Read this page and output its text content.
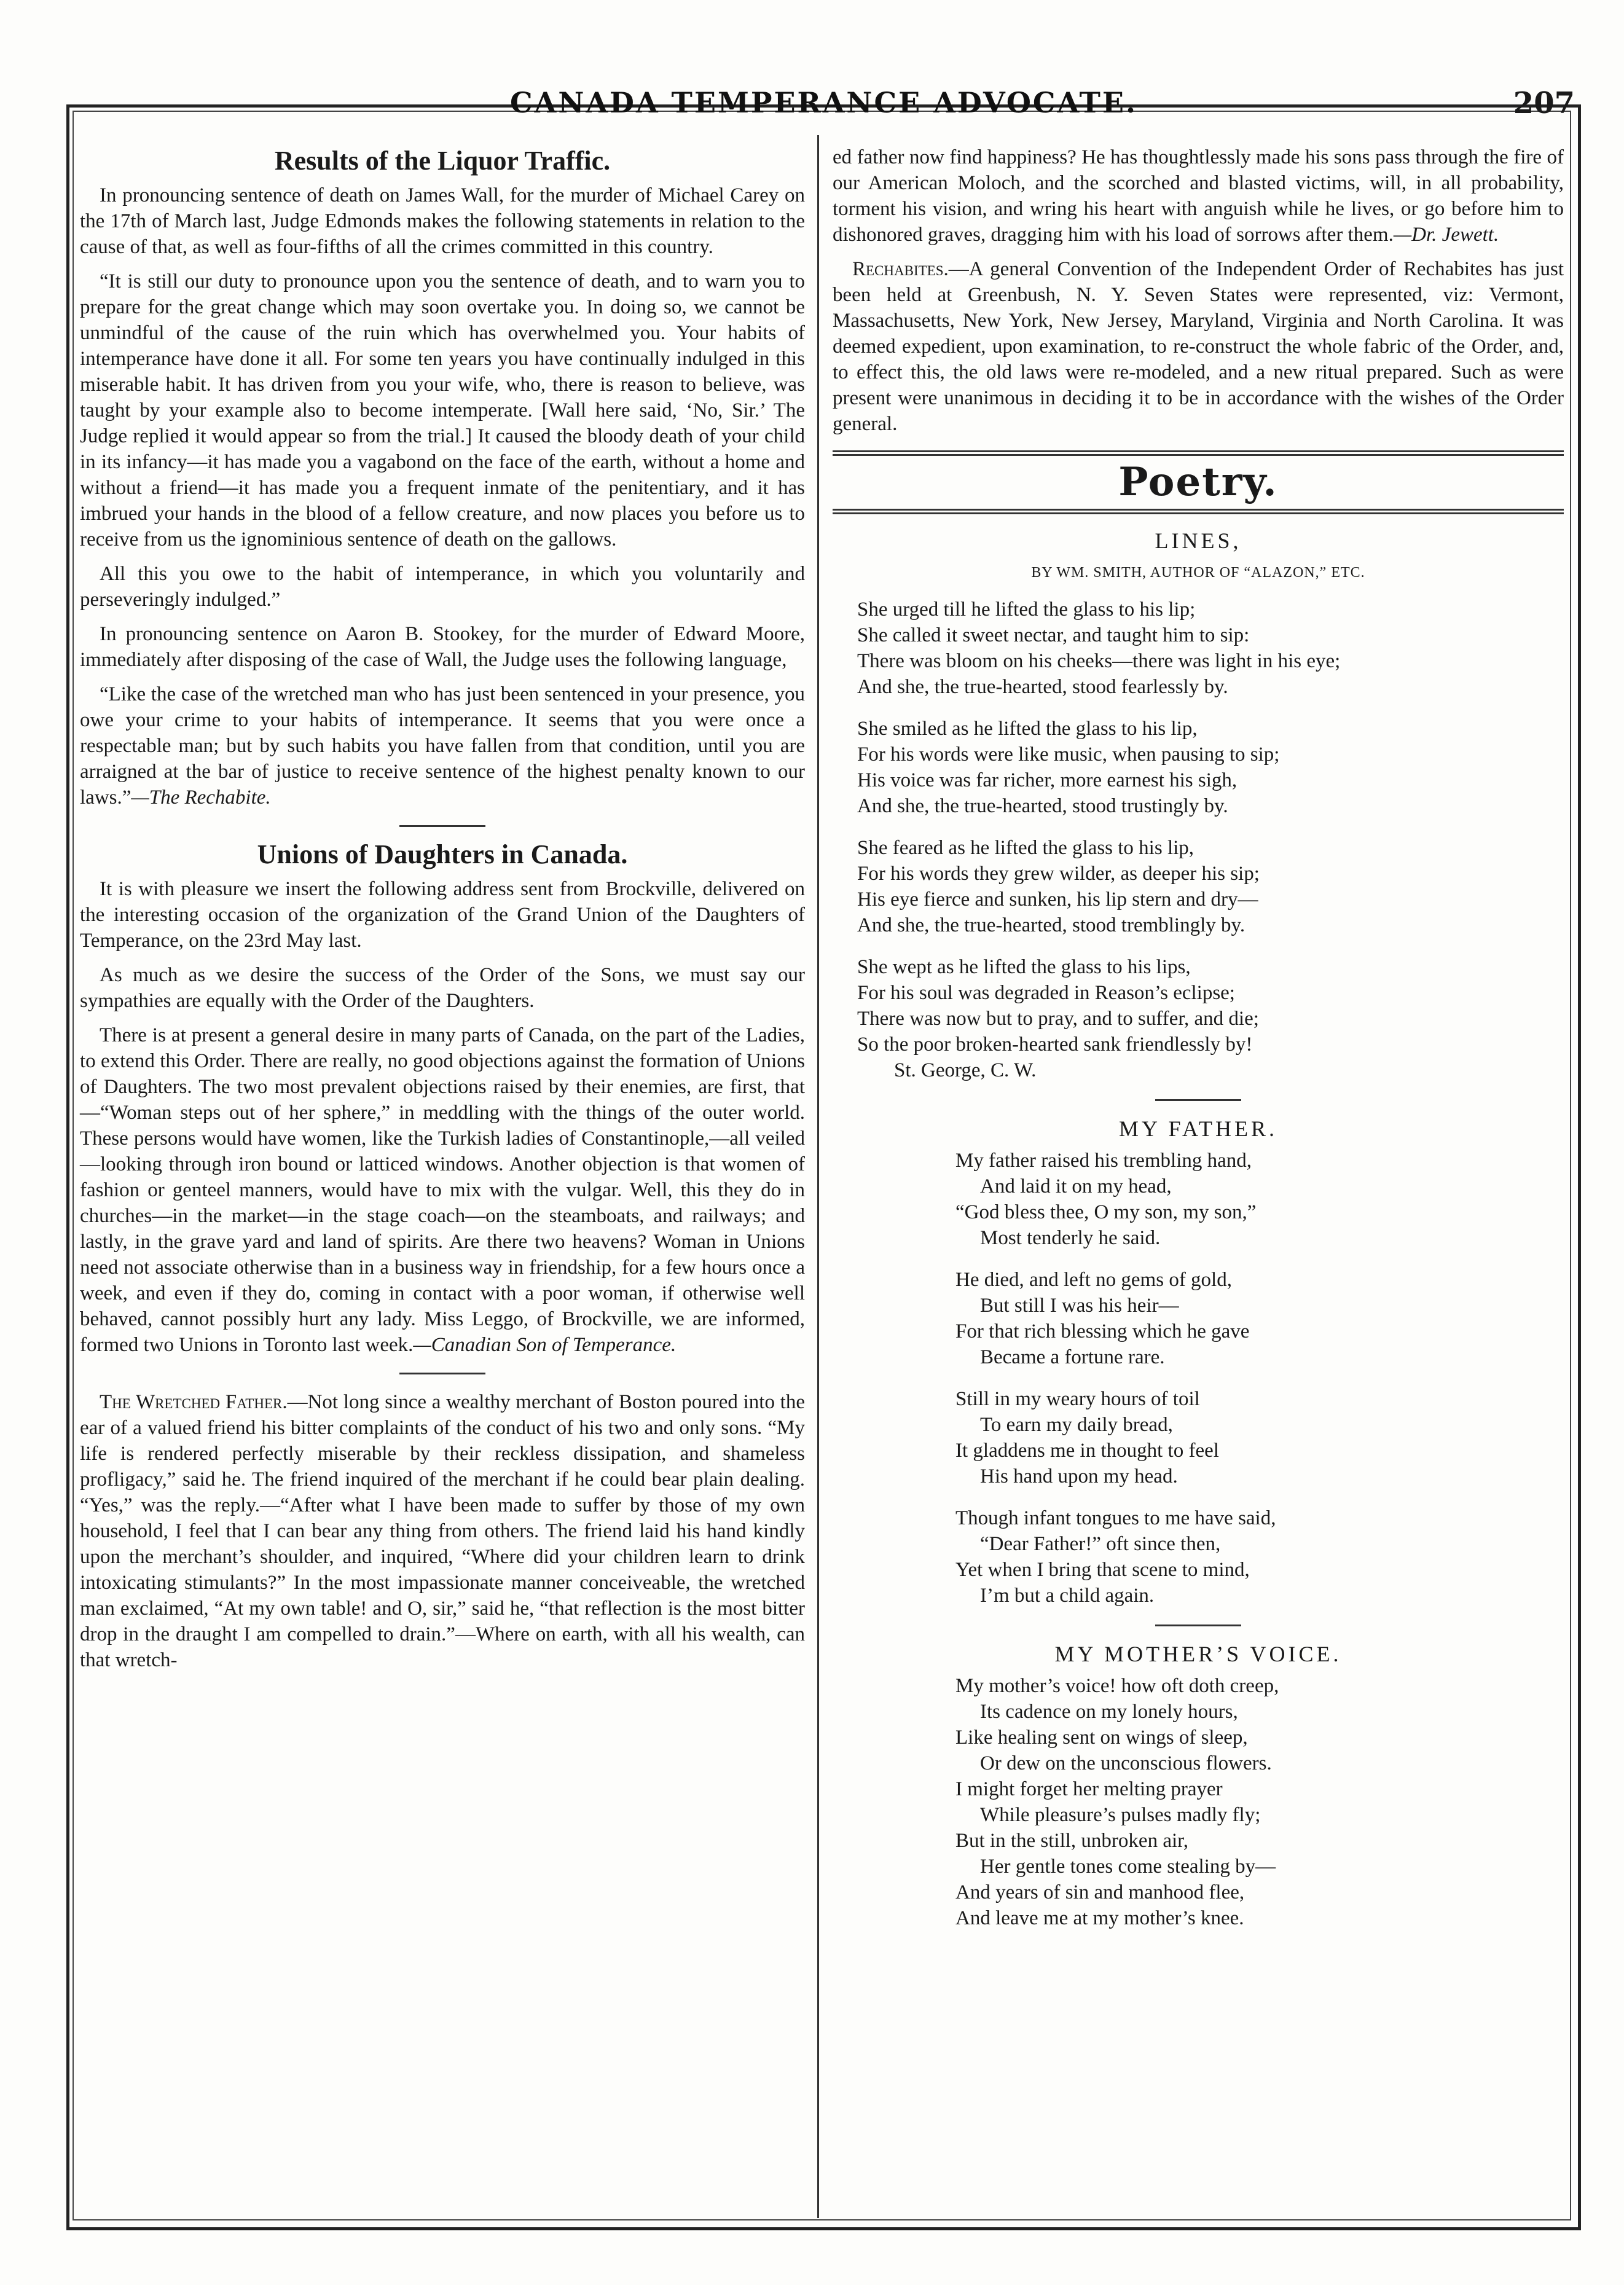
CANADA TEMPERANCE ADVOCATE.	207
Results of the Liquor Traffic.

In pronouncing sentence of death on James Wall, for the murder of Michael Carey on the 17th of March last, Judge Edmonds makes the following statements in relation to the cause of that, as well as four-fifths of all the crimes committed in this country.

“It is still our duty to pronounce upon you the sentence of death, and to warn you to prepare for the great change which may soon overtake you. In doing so, we cannot be unmindful of the cause of the ruin which has overwhelmed you. Your habits of intemperance have done it all. For some ten years you have continually indulged in this miserable habit. It has driven from you your wife, who, there is reason to believe, was taught by your example also to become intemperate. [Wall here said, ‘No, Sir.’ The Judge replied it would appear so from the trial.] It caused the bloody death of your child in its infancy—it has made you a vagabond on the face of the earth, without a home and without a friend—it has made you a frequent inmate of the penitentiary, and it has imbrued your hands in the blood of a fellow creature, and now places you before us to receive from us the ignominious sentence of death on the gallows.

All this you owe to the habit of intemperance, in which you voluntarily and perseveringly indulged.”

In pronouncing sentence on Aaron B. Stookey, for the murder of Edward Moore, immediately after disposing of the case of Wall, the Judge uses the following language,

“Like the case of the wretched man who has just been sentenced in your presence, you owe your crime to your habits of intemperance. It seems that you were once a respectable man; but by such habits you have fallen from that condition, until you are arraigned at the bar of justice to receive sentence of the highest penalty known to our laws.”—The Rechabite.

Unions of Daughters in Canada.

It is with pleasure we insert the following address sent from Brockville, delivered on the interesting occasion of the organization of the Grand Union of the Daughters of Temperance, on the 23rd May last.

As much as we desire the success of the Order of the Sons, we must say our sympathies are equally with the Order of the Daughters.

There is at present a general desire in many parts of Canada, on the part of the Ladies, to extend this Order. There are really, no good objections against the formation of Unions of Daughters. The two most prevalent objections raised by their enemies, are first, that—“Woman steps out of her sphere,” in meddling with the things of the outer world. These persons would have women, like the Turkish ladies of Constantinople,—all veiled—looking through iron bound or latticed windows. Another objection is that women of fashion or genteel manners, would have to mix with the vulgar. Well, this they do in churches—in the market—in the stage coach—on the steamboats, and railways; and lastly, in the grave yard and land of spirits. Are there two heavens? Woman in Unions need not associate otherwise than in a business way in friendship, for a few hours once a week, and even if they do, coming in contact with a poor woman, if otherwise well behaved, cannot possibly hurt any lady. Miss Leggo, of Brockville, we are informed, formed two Unions in Toronto last week.—Canadian Son of Temperance.

The Wretched Father.—Not long since a wealthy merchant of Boston poured into the ear of a valued friend his bitter complaints of the conduct of his two and only sons. “My life is rendered perfectly miserable by their reckless dissipation, and shameless profligacy,” said he. The friend inquired of the merchant if he could bear plain dealing. “Yes,” was the reply.—“After what I have been made to suffer by those of my own household, I feel that I can bear any thing from others. The friend laid his hand kindly upon the merchant’s shoulder, and inquired, “Where did your children learn to drink intoxicating stimulants?” In the most impassionate manner conceiveable, the wretched man exclaimed, “At my own table! and O, sir,” said he, “that reflection is the most bitter drop in the draught I am compelled to drain.”—Where on earth, with all his wealth, can that wretch-

ed father now find happiness? He has thoughtlessly made his sons pass through the fire of our American Moloch, and the scorched and blasted victims, will, in all probability, torment his vision, and wring his heart with anguish while he lives, or go before him to dishonored graves, dragging him with his load of sorrows after them.—Dr. Jewett.

Rechabites.—A general Convention of the Independent Order of Rechabites has just been held at Greenbush, N. Y. Seven States were represented, viz: Vermont, Massachusetts, New York, New Jersey, Maryland, Virginia and North Carolina. It was deemed expedient, upon examination, to re-construct the whole fabric of the Order, and, to effect this, the old laws were re-modeled, and a new ritual prepared. Such as were present were unanimous in deciding it to be in accordance with the wishes of the Order general.

Poetry.
LINES,
BY WM. SMITH, AUTHOR OF “ALAZON,” ETC.
She urged till he lifted the glass to his lip;
She called it sweet nectar, and taught him to sip:
There was bloom on his cheeks—there was light in his eye;
And she, the true-hearted, stood fearlessly by.
She smiled as he lifted the glass to his lip,
For his words were like music, when pausing to sip;
His voice was far richer, more earnest his sigh,
And she, the true-hearted, stood trustingly by.
She feared as he lifted the glass to his lip,
For his words they grew wilder, as deeper his sip;
His eye fierce and sunken, his lip stern and dry—
And she, the true-hearted, stood tremblingly by.
She wept as he lifted the glass to his lips,
For his soul was degraded in Reason’s eclipse;
There was now but to pray, and to suffer, and die;
So the poor broken-hearted sank friendlessly by!
St. George, C. W.
MY FATHER.
My father raised his trembling hand,
And laid it on my head,
“God bless thee, O my son, my son,”
Most tenderly he said.
He died, and left no gems of gold,
But still I was his heir—
For that rich blessing which he gave
Became a fortune rare.
Still in my weary hours of toil
To earn my daily bread,
It gladdens me in thought to feel
His hand upon my head.
Though infant tongues to me have said,
“Dear Father!” oft since then,
Yet when I bring that scene to mind,
I’m but a child again.
MY MOTHER’S VOICE.
My mother’s voice! how oft doth creep,
Its cadence on my lonely hours,
Like healing sent on wings of sleep,
Or dew on the unconscious flowers.
I might forget her melting prayer
While pleasure’s pulses madly fly;
But in the still, unbroken air,
Her gentle tones come stealing by—
And years of sin and manhood flee,
And leave me at my mother’s knee.
